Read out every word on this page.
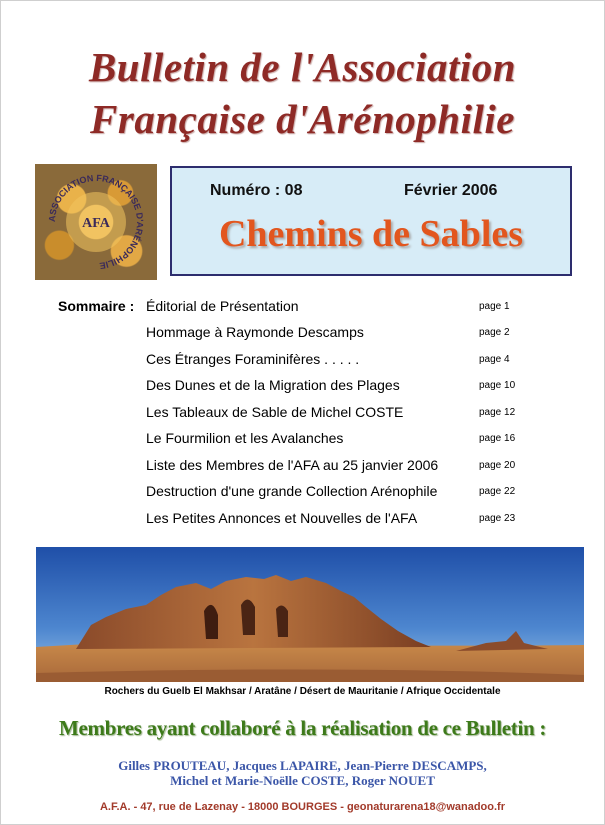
Bulletin de l'Association
Française d'Arénophilie
ASSOCIATION FRANÇAISE D'ARÉNOPHILIE
AFA
Numéro : 08	Février 2006
Chemins de Sables
Sommaire : Éditorial de Présentation	page 1
Hommage à Raymonde Descamps	page 2
Ces Étranges Foraminifères . . . . .	page 4
Des Dunes et de la Migration des Plages	page 10
Les Tableaux de Sable de Michel COSTE	page 12
Le Fourmilion et les Avalanches	page 16
Liste des Membres de l'AFA au 25 janvier 2006	page 20
Destruction d'une grande Collection Arénophile	page 22
Les Petites Annonces et Nouvelles de l'AFA	page 23
Rochers du Guelb El Makhsar / Aratâne / Désert de Mauritanie / Afrique Occidentale
Membres ayant collaboré à la réalisation de ce Bulletin :
Gilles PROUTEAU, Jacques LAPAIRE, Jean-Pierre DESCAMPS,
Michel et Marie-Noëlle COSTE, Roger NOUET
A.F.A. - 47, rue de Lazenay - 18000 BOURGES - geonaturarena18@wanadoo.fr
